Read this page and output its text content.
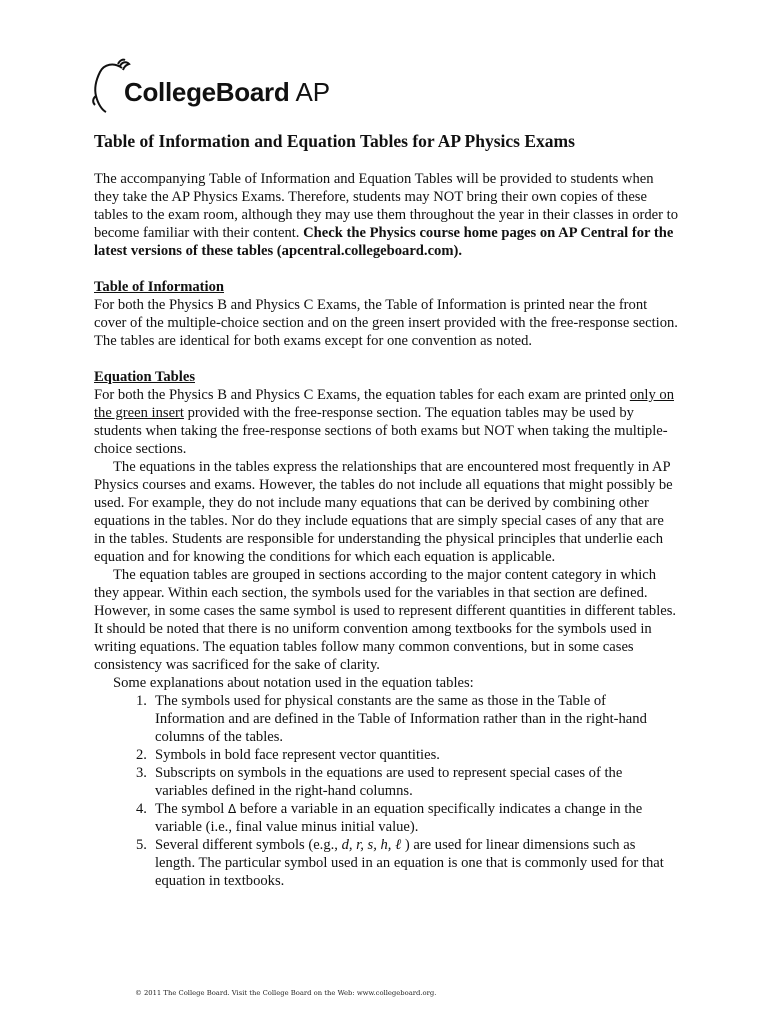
CollegeBoard AP
Table of Information and Equation Tables for AP Physics Exams

The accompanying Table of Information and Equation Tables will be provided to students when they take the AP Physics Exams. Therefore, students may NOT bring their own copies of these tables to the exam room, although they may use them throughout the year in their classes in order to become familiar with their content. Check the Physics course home pages on AP Central for the latest versions of these tables (apcentral.collegeboard.com).

Table of Information

For both the Physics B and Physics C Exams, the Table of Information is printed near the front cover of the multiple-choice section and on the green insert provided with the free-response section. The tables are identical for both exams except for one convention as noted.

Equation Tables

For both the Physics B and Physics C Exams, the equation tables for each exam are printed only on the green insert provided with the free-response section. The equation tables may be used by students when taking the free-response sections of both exams but NOT when taking the multiple-choice sections.

The equations in the tables express the relationships that are encountered most frequently in AP Physics courses and exams. However, the tables do not include all equations that might possibly be used. For example, they do not include many equations that can be derived by combining other equations in the tables. Nor do they include equations that are simply special cases of any that are in the tables. Students are responsible for understanding the physical principles that underlie each equation and for knowing the conditions for which each equation is applicable.

The equation tables are grouped in sections according to the major content category in which they appear. Within each section, the symbols used for the variables in that section are defined. However, in some cases the same symbol is used to represent different quantities in different tables. It should be noted that there is no uniform convention among textbooks for the symbols used in writing equations. The equation tables follow many common conventions, but in some cases consistency was sacrificed for the sake of clarity.

Some explanations about notation used in the equation tables:

1. The symbols used for physical constants are the same as those in the Table of Information and are defined in the Table of Information rather than in the right-hand columns of the tables.
2. Symbols in bold face represent vector quantities.
3. Subscripts on symbols in the equations are used to represent special cases of the variables defined in the right-hand columns.
4. The symbol Δ before a variable in an equation specifically indicates a change in the variable (i.e., final value minus initial value).
5. Several different symbols (e.g., d, r, s, h, ℓ ) are used for linear dimensions such as length. The particular symbol used in an equation is one that is commonly used for that equation in textbooks.
© 2011 The College Board. Visit the College Board on the Web: www.collegeboard.org.
